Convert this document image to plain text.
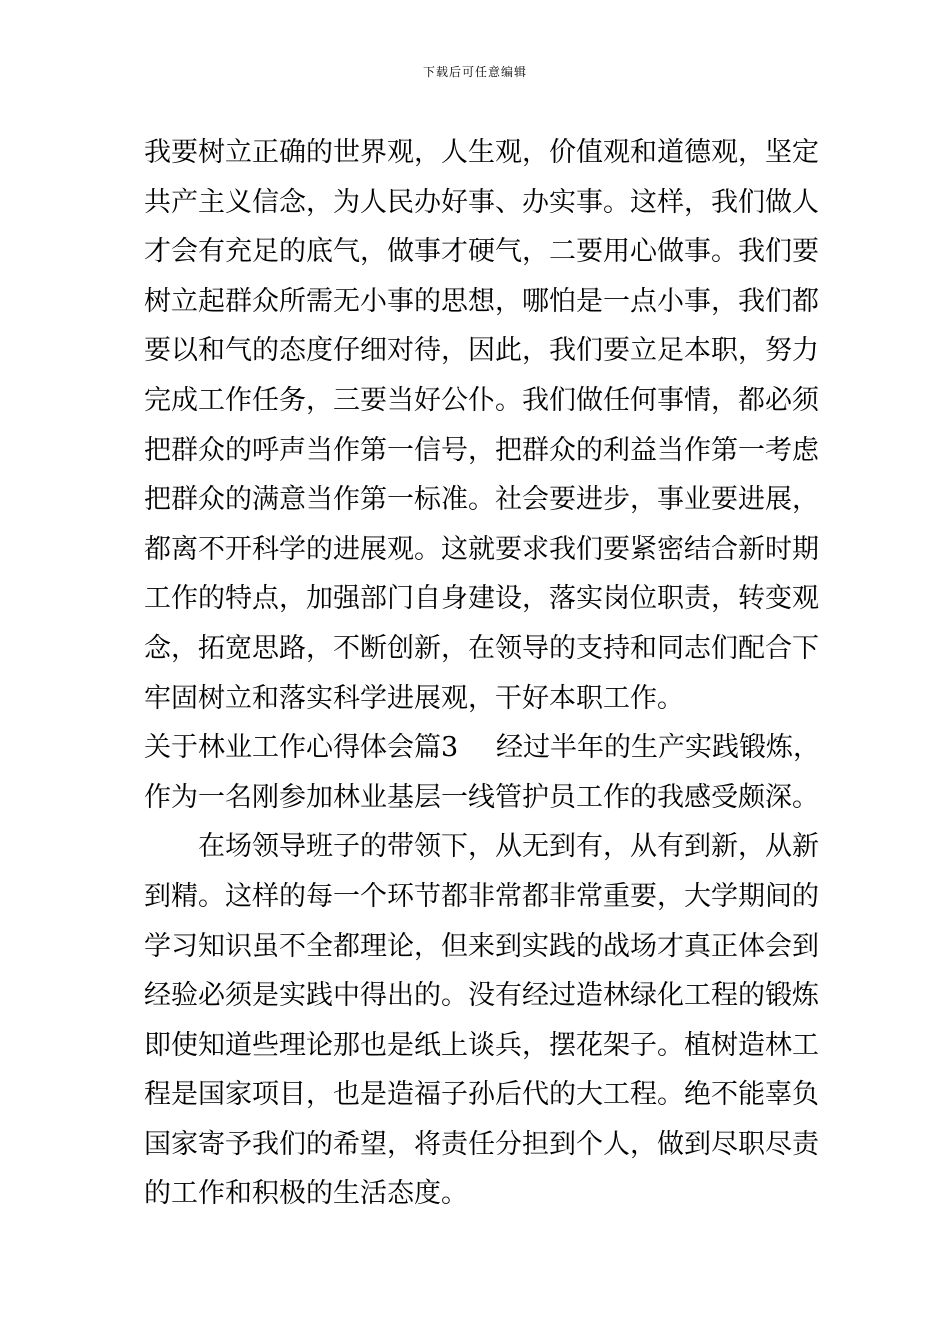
下载后可任意编辑
我要树立正确的世界观，人生观，价值观和道德观，坚定
共产主义信念，为人民办好事、办实事。这样，我们做人
才会有充足的底气，做事才硬气，二要用心做事。我们要
树立起群众所需无小事的思想，哪怕是一点小事，我们都
要以和气的态度仔细对待，因此，我们要立足本职，努力
完成工作任务，三要当好公仆。我们做任何事情，都必须
把群众的呼声当作第一信号，把群众的利益当作第一考虑
把群众的满意当作第一标准。社会要进步，事业要进展，
都离不开科学的进展观。这就要求我们要紧密结合新时期
工作的特点，加强部门自身建设，落实岗位职责，转变观
念，拓宽思路，不断创新，在领导的支持和同志们配合下
牢固树立和落实科学进展观，干好本职工作。
关于林业工作心得体会篇3 经过半年的生产实践锻炼，
作为一名刚参加林业基层一线管护员工作的我感受颇深。
在场领导班子的带领下，从无到有，从有到新，从新
到精。这样的每一个环节都非常都非常重要，大学期间的
学习知识虽不全都理论，但来到实践的战场才真正体会到
经验必须是实践中得出的。没有经过造林绿化工程的锻炼
即使知道些理论那也是纸上谈兵，摆花架子。植树造林工
程是国家项目，也是造福子孙后代的大工程。绝不能辜负
国家寄予我们的希望，将责任分担到个人，做到尽职尽责
的工作和积极的生活态度。
